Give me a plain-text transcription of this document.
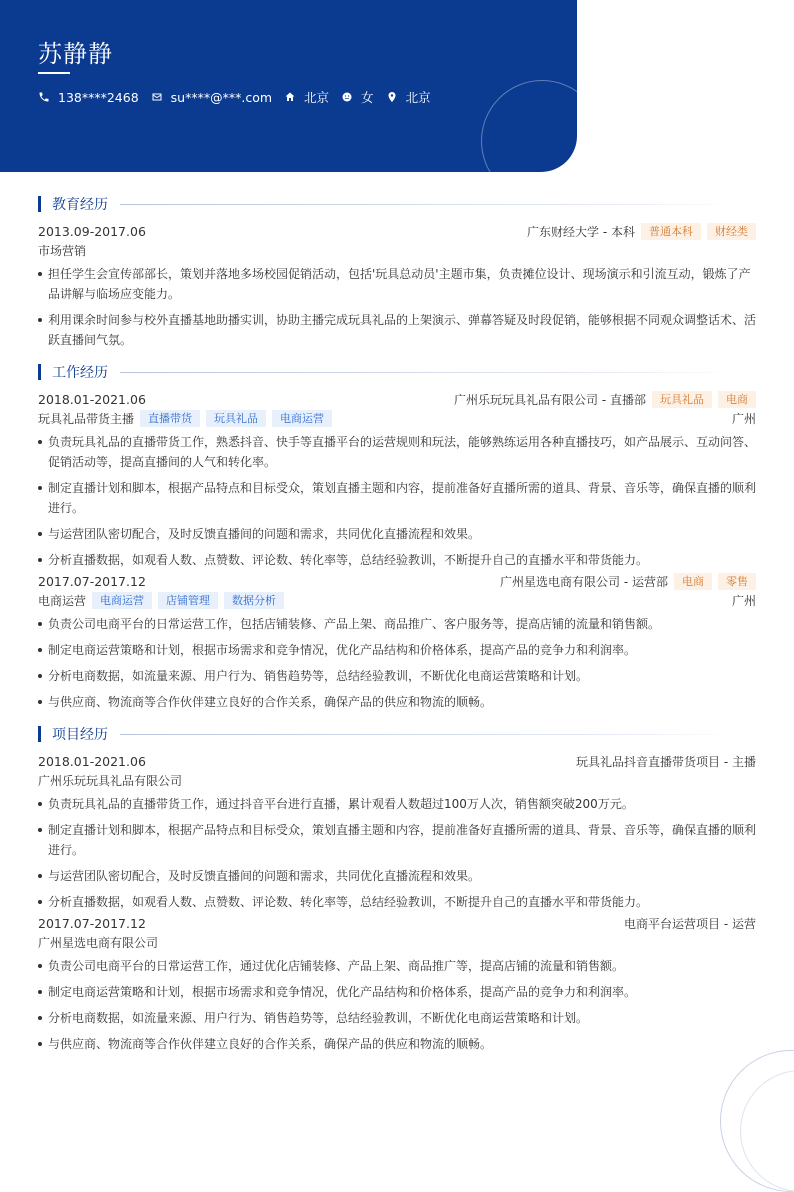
苏静静
138****2468	su****@***.com	北京	女	北京
教育经历
2013.09-2017.06	广东财经大学 - 本科	普通本科	财经类
市场营销
担任学生会宣传部部长，策划并落地多场校园促销活动，包括'玩具总动员'主题市集，负责摊位设计、现场演示和引流互动，锻炼了产品讲解与临场应变能力。
利用课余时间参与校外直播基地助播实训，协助主播完成玩具礼品的上架演示、弹幕答疑及时段促销，能够根据不同观众调整话术、活跃直播间气氛。
工作经历
2018.01-2021.06	广州乐玩玩具礼品有限公司 - 直播部	玩具礼品	电商
玩具礼品带货主播	直播带货	玩具礼品	电商运营	广州
负责玩具礼品的直播带货工作，熟悉抖音、快手等直播平台的运营规则和玩法，能够熟练运用各种直播技巧，如产品展示、互动问答、促销活动等，提高直播间的人气和转化率。
制定直播计划和脚本，根据产品特点和目标受众，策划直播主题和内容，提前准备好直播所需的道具、背景、音乐等，确保直播的顺利进行。
与运营团队密切配合，及时反馈直播间的问题和需求，共同优化直播流程和效果。
分析直播数据，如观看人数、点赞数、评论数、转化率等，总结经验教训，不断提升自己的直播水平和带货能力。
2017.07-2017.12	广州星选电商有限公司 - 运营部	电商	零售
电商运营	电商运营	店铺管理	数据分析	广州
负责公司电商平台的日常运营工作，包括店铺装修、产品上架、商品推广、客户服务等，提高店铺的流量和销售额。
制定电商运营策略和计划，根据市场需求和竞争情况，优化产品结构和价格体系，提高产品的竞争力和利润率。
分析电商数据，如流量来源、用户行为、销售趋势等，总结经验教训，不断优化电商运营策略和计划。
与供应商、物流商等合作伙伴建立良好的合作关系，确保产品的供应和物流的顺畅。
项目经历
2018.01-2021.06	玩具礼品抖音直播带货项目 - 主播
广州乐玩玩具礼品有限公司
负责玩具礼品的直播带货工作，通过抖音平台进行直播，累计观看人数超过100万人次，销售额突破200万元。
制定直播计划和脚本，根据产品特点和目标受众，策划直播主题和内容，提前准备好直播所需的道具、背景、音乐等，确保直播的顺利进行。
与运营团队密切配合，及时反馈直播间的问题和需求，共同优化直播流程和效果。
分析直播数据，如观看人数、点赞数、评论数、转化率等，总结经验教训，不断提升自己的直播水平和带货能力。
2017.07-2017.12	电商平台运营项目 - 运营
广州星选电商有限公司
负责公司电商平台的日常运营工作，通过优化店铺装修、产品上架、商品推广等，提高店铺的流量和销售额。
制定电商运营策略和计划，根据市场需求和竞争情况，优化产品结构和价格体系，提高产品的竞争力和利润率。
分析电商数据，如流量来源、用户行为、销售趋势等，总结经验教训，不断优化电商运营策略和计划。
与供应商、物流商等合作伙伴建立良好的合作关系，确保产品的供应和物流的顺畅。
